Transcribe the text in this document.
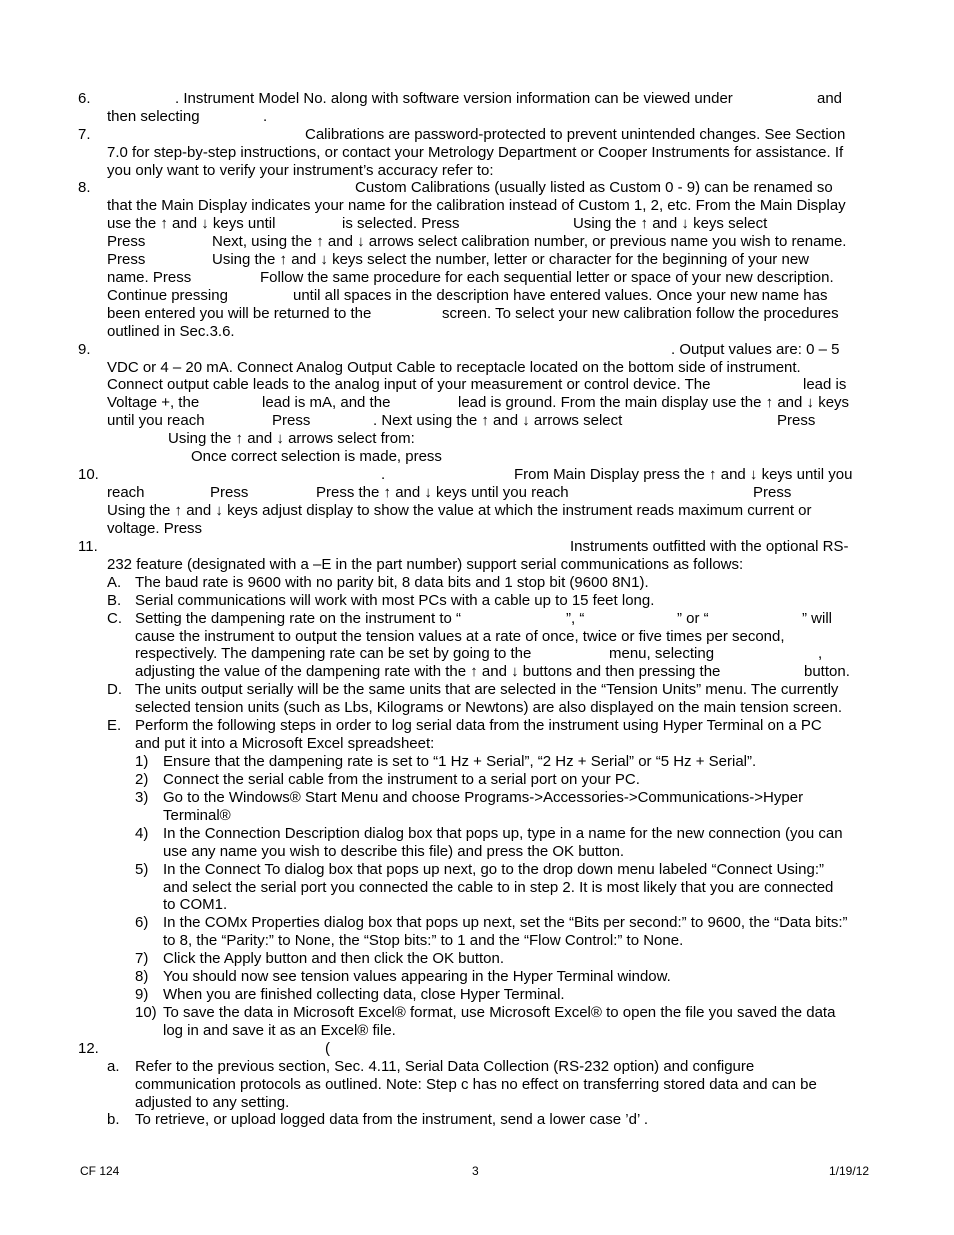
6.	. Instrument Model No. along with software version information can be viewed under	and
then selecting	.
7.	Calibrations are password-protected to prevent unintended changes. See Section
7.0 for step-by-step instructions, or contact your Metrology Department or Cooper Instruments for assistance. If
you only want to verify your instrument’s accuracy refer to:
8.	Custom Calibrations (usually listed as Custom 0 - 9) can be renamed so
that the Main Display indicates your name for the calibration instead of Custom 1, 2, etc. From the Main Display
use the ↑ and ↓ keys until	is selected. Press	Using the ↑ and ↓ keys select
Press	Next, using the ↑ and ↓ arrows select calibration number, or previous name you wish to rename.
Press	Using the ↑ and ↓ keys select the number, letter or character for the beginning of your new
name. Press	Follow the same procedure for each sequential letter or space of your new description.
Continue pressing	until all spaces in the description have entered values. Once your new name has
been entered you will be returned to the	screen. To select your new calibration follow the procedures
outlined in Sec.3.6.
9.	. Output values are: 0 – 5
VDC or 4 – 20 mA. Connect Analog Output Cable to receptacle located on the bottom side of instrument.
Connect output cable leads to the analog input of your measurement or control device. The	lead is
Voltage +, the	lead is mA, and the	lead is ground. From the main display use the ↑ and ↓ keys
until you reach	Press	. Next using the ↑ and ↓ arrows select	Press
Using the ↑ and ↓ arrows select from:
Once correct selection is made, press
10.	.	From Main Display press the ↑ and ↓ keys until you
reach	Press	Press the ↑ and ↓ keys until you reach	Press
Using the ↑ and ↓ keys adjust display to show the value at which the instrument reads maximum current or
voltage. Press
11.	Instruments outfitted with the optional RS-
232 feature (designated with a –E in the part number) support serial communications as follows:
A. The baud rate is 9600 with no parity bit, 8 data bits and 1 stop bit (9600 8N1).
B. Serial communications will work with most PCs with a cable up to 15 feet long.
C. Setting the dampening rate on the instrument to “	”, “	” or “	” will
cause the instrument to output the tension values at a rate of once, twice or five times per second,
respectively. The dampening rate can be set by going to the	menu, selecting	,
adjusting the value of the dampening rate with the ↑ and ↓ buttons and then pressing the	button.
D. The units output serially will be the same units that are selected in the “Tension Units” menu. The currently
selected tension units (such as Lbs, Kilograms or Newtons) are also displayed on the main tension screen.
E. Perform the following steps in order to log serial data from the instrument using Hyper Terminal on a PC
and put it into a Microsoft Excel spreadsheet:
1) Ensure that the dampening rate is set to “1 Hz + Serial”, “2 Hz + Serial” or “5 Hz + Serial”.
2) Connect the serial cable from the instrument to a serial port on your PC.
3) Go to the Windows® Start Menu and choose Programs->Accessories->Communications->Hyper
Terminal®
4) In the Connection Description dialog box that pops up, type in a name for the new connection (you can
use any name you wish to describe this file) and press the OK button.
5) In the Connect To dialog box that pops up next, go to the drop down menu labeled “Connect Using:”
and select the serial port you connected the cable to in step 2. It is most likely that you are connected
to COM1.
6) In the COMx Properties dialog box that pops up next, set the “Bits per second:” to 9600, the “Data bits:”
to 8, the “Parity:” to None, the “Stop bits:” to 1 and the “Flow Control:” to None.
7) Click the Apply button and then click the OK button.
8) You should now see tension values appearing in the Hyper Terminal window.
9) When you are finished collecting data, close Hyper Terminal.
10) To save the data in Microsoft Excel® format, use Microsoft Excel® to open the file you saved the data
log in and save it as an Excel® file.
12.	(
a. Refer to the previous section, Sec. 4.11, Serial Data Collection (RS-232 option) and configure
communication protocols as outlined. Note: Step c has no effect on transferring stored data and can be
adjusted to any setting.
b. To retrieve, or upload logged data from the instrument, send a lower case ’d’ .
CF 124	3	1/19/12
